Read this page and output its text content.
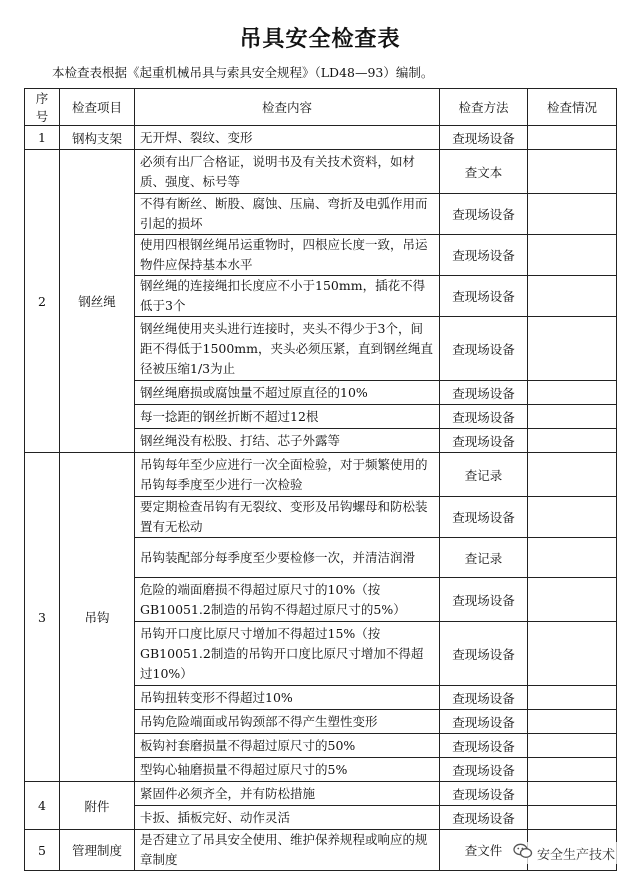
吊具安全检查表
本检查表根据《起重机械吊具与索具安全规程》（LD48—93）编制。
序号	检查项目	检查内容	检查方法	检查情况
1	钢构支架	无开焊、裂纹、变形	查现场设备	
2	钢丝绳	必须有出厂合格证，说明书及有关技术资料，如材质、强度、标号等	查文本	
		不得有断丝、断股、腐蚀、压扁、弯折及电弧作用而引起的损坏	查现场设备	
		使用四根钢丝绳吊运重物时，四根应长度一致，吊运物件应保持基本水平	查现场设备	
		钢丝绳的连接绳扣长度应不小于150mm，插花不得低于3个	查现场设备	
		钢丝绳使用夹头进行连接时，夹头不得少于3个，间距不得低于1500mm，夹头必须压紧，直到钢丝绳直径被压缩1/3为止	查现场设备	
		钢丝绳磨损或腐蚀量不超过原直径的10%	查现场设备	
		每一捻距的钢丝折断不超过12根	查现场设备	
		钢丝绳没有松股、打结、芯子外露等	查现场设备	
3	吊钩	吊钩每年至少应进行一次全面检验，对于频繁使用的吊钩每季度至少进行一次检验	查记录	
		要定期检查吊钩有无裂纹、变形及吊钩螺母和防松装置有无松动	查现场设备	
		吊钩装配部分每季度至少要检修一次，并清洁润滑	查记录	
		危险的端面磨损不得超过原尺寸的10%（按GB10051.2制造的吊钩不得超过原尺寸的5%）	查现场设备	
		吊钩开口度比原尺寸增加不得超过15%（按GB10051.2制造的吊钩开口度比原尺寸增加不得超过10%）	查现场设备	
		吊钩扭转变形不得超过10%	查现场设备	
		吊钩危险端面或吊钩颈部不得产生塑性变形	查现场设备	
		板钩衬套磨损量不得超过原尺寸的50%	查现场设备	
		型钩心轴磨损量不得超过原尺寸的5%	查现场设备	
4	附件	紧固件必须齐全，并有防松措施	查现场设备	
		卡扳、插板完好、动作灵活	查现场设备	
5	管理制度	是否建立了吊具安全使用、维护保养规程或响应的规章制度	查文件		安全生产技术
